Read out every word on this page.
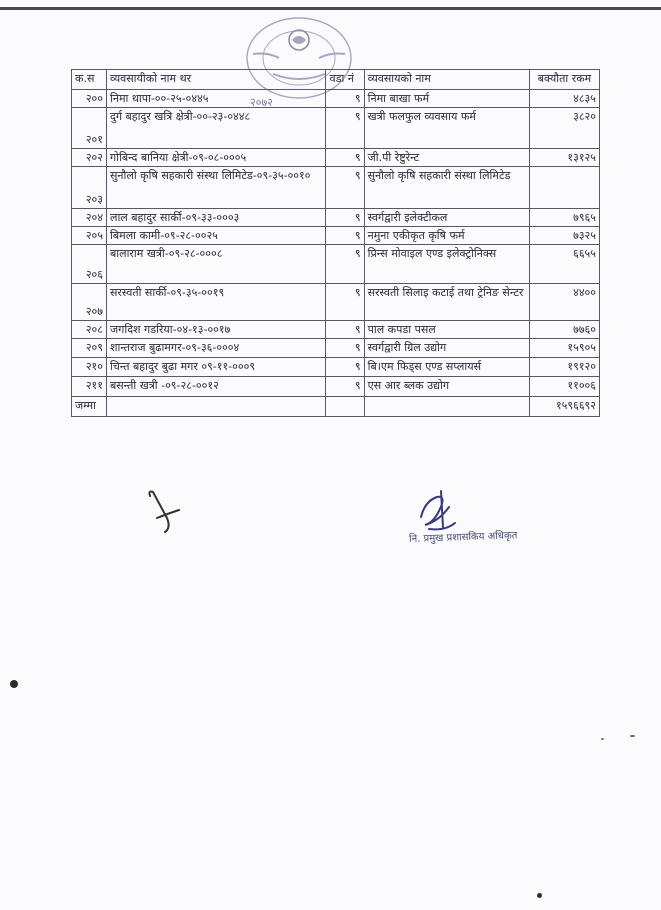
२०७२
क.स	व्यवसायीको नाम थर	वडा नं	व्यवसायको नाम	बक्यौता रकम
२००	निमा थापा-००-२५-०४४५	९	निमा बाखा फर्म	४८३५
२०१	दुर्ग बहादुर खत्रि क्षेत्री-००-२३-०४४८	९	खत्री फलफुल व्यवसाय फर्म	३८२०
२०२	गोबिन्द बानिया क्षेत्री-०९-०८-०००५	९	जी.पी रेष्टुरेन्ट	१३१२५
२०३	सुनौलो कृषि सहकारी संस्था लिमिटेड-०९-३५-००१०	९	सुनौलो कृषि सहकारी संस्था लिमिटेड	
२०४	लाल बहादुर सार्की-०९-३३-०००३	९	स्वर्गद्वारी इलेक्टीकल	७९६५
२०५	बिमला कामी-०९-२८-००२५	९	नमुना एकीकृत कृषि फर्म	७३२५
२०६	बालाराम खत्री-०९-२८-०००८	९	प्रिन्स मोवाइल एण्ड इलेक्ट्रोनिक्स	६६५५
२०७	सरस्वती सार्की-०९-३५-००१९	९	सरस्वती सिलाइ कटाई तथा ट्रेनिङ सेन्टर	४४००
२०८	जगदिश गडरिया-०४-१३-००१७	९	पाल कपडा पसल	७७६०
२०९	शान्तराज बुढामगर-०९-३६-०००४	९	स्वर्गद्वारी ग्रिल उद्योग	१५९०५
२१०	चिन्त बहादुर बुढा मगर ०९-११-०००९	९	बि।एम फिड्स एण्ड सप्लायर्स	१९१२०
२११	बसन्ती खत्री -०९-२८-००१२	९	एस आर ब्लक उद्योग	११००६
जम्मा				१५९६६९२
नि. प्रमुख प्रशासकिय अधिकृत
